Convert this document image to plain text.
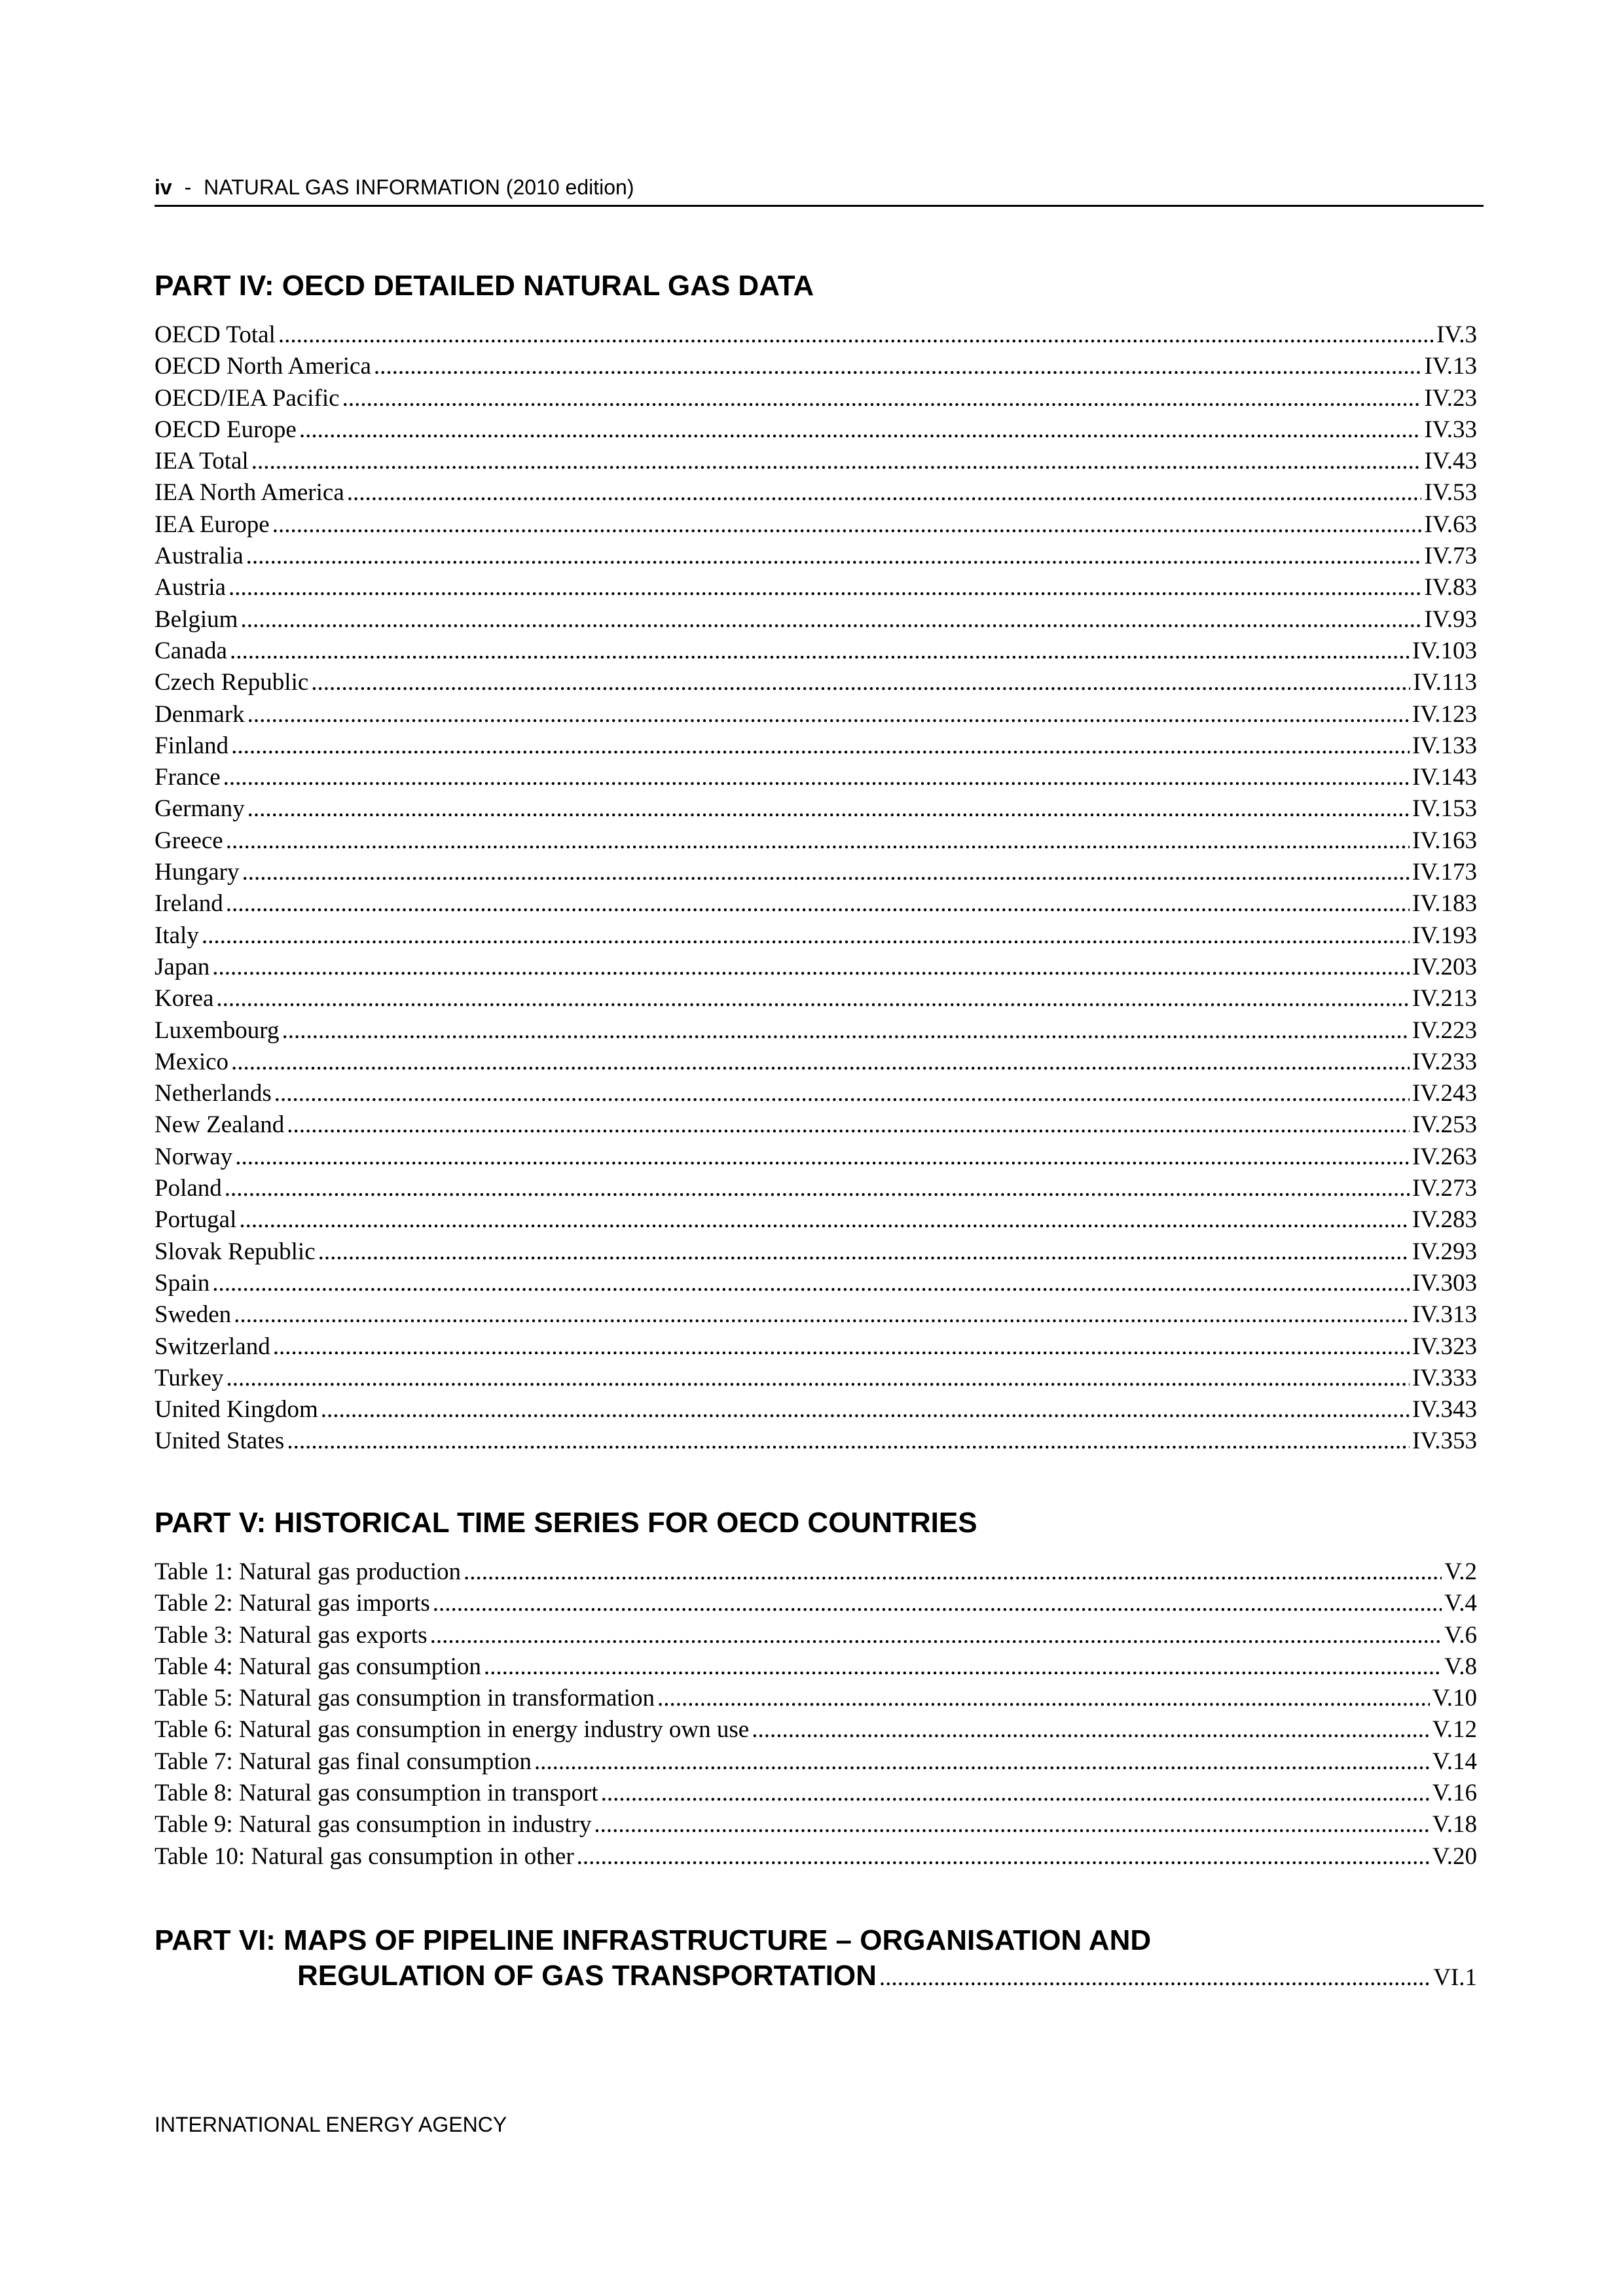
iv - NATURAL GAS INFORMATION (2010 edition)
PART IV: OECD DETAILED NATURAL GAS DATA
OECD Total .....	IV.3
OECD North America .....	IV.13
OECD/IEA Pacific .....	IV.23
OECD Europe .....	IV.33
IEA Total .....	IV.43
IEA North America .....	IV.53
IEA Europe .....	IV.63
Australia .....	IV.73
Austria .....	IV.83
Belgium .....	IV.93
Canada .....	IV.103
Czech Republic .....	IV.113
Denmark .....	IV.123
Finland .....	IV.133
France .....	IV.143
Germany .....	IV.153
Greece .....	IV.163
Hungary .....	IV.173
Ireland .....	IV.183
Italy .....	IV.193
Japan .....	IV.203
Korea .....	IV.213
Luxembourg .....	IV.223
Mexico .....	IV.233
Netherlands .....	IV.243
New Zealand .....	IV.253
Norway .....	IV.263
Poland .....	IV.273
Portugal .....	IV.283
Slovak Republic .....	IV.293
Spain .....	IV.303
Sweden .....	IV.313
Switzerland .....	IV.323
Turkey .....	IV.333
United Kingdom .....	IV.343
United States .....	IV.353
PART V: HISTORICAL TIME SERIES FOR OECD COUNTRIES
Table 1: Natural gas production .....	V.2
Table 2: Natural gas imports .....	V.4
Table 3: Natural gas exports .....	V.6
Table 4: Natural gas consumption .....	V.8
Table 5: Natural gas consumption in transformation .....	V.10
Table 6: Natural gas consumption in energy industry own use .....	V.12
Table 7: Natural gas final consumption .....	V.14
Table 8: Natural gas consumption in transport .....	V.16
Table 9: Natural gas consumption in industry .....	V.18
Table 10: Natural gas consumption in other .....	V.20
PART VI: MAPS OF PIPELINE INFRASTRUCTURE – ORGANISATION AND
REGULATION OF GAS TRANSPORTATION .....	VI.1
INTERNATIONAL ENERGY AGENCY
